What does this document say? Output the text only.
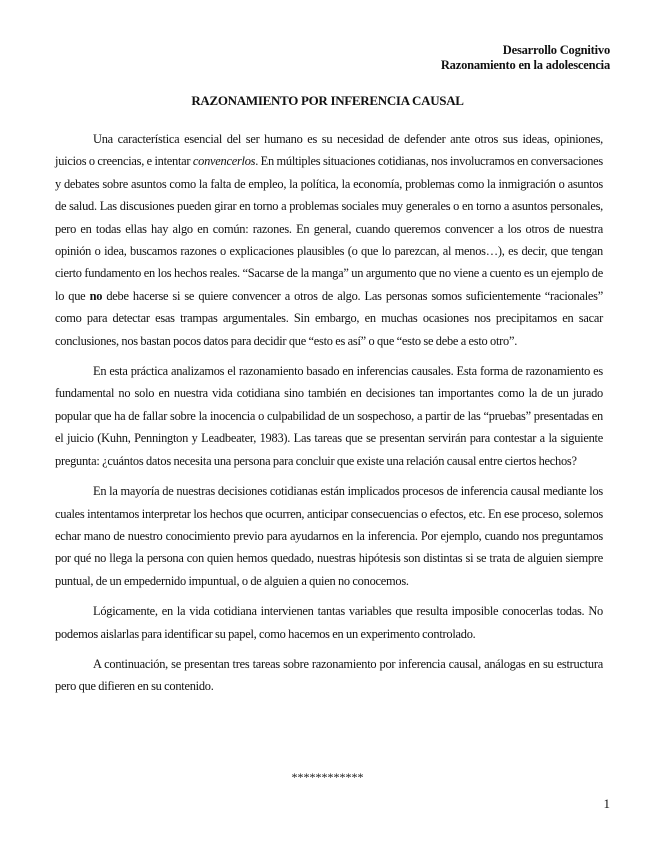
Desarrollo Cognitivo
Razonamiento en la adolescencia
RAZONAMIENTO POR INFERENCIA CAUSAL

Una característica esencial del ser humano es su necesidad de defender ante otros sus ideas, opiniones, juicios o creencias, e intentar convencerlos. En múltiples situaciones cotidianas, nos involucramos en conversaciones y debates sobre asuntos como la falta de empleo, la política, la economía, problemas como la inmigración o asuntos de salud. Las discusiones pueden girar en torno a problemas sociales muy generales o en torno a asuntos personales, pero en todas ellas hay algo en común: razones. En general, cuando queremos convencer a los otros de nuestra opinión o idea, buscamos razones o explicaciones plausibles (o que lo parezcan, al menos…), es decir, que tengan cierto fundamento en los hechos reales. “Sacarse de la manga” un argumento que no viene a cuento es un ejemplo de lo que no debe hacerse si se quiere convencer a otros de algo. Las personas somos suficientemente “racionales” como para detectar esas trampas argumentales. Sin embargo, en muchas ocasiones nos precipitamos en sacar conclusiones, nos bastan pocos datos para decidir que “esto es así” o que “esto se debe a esto otro”.

En esta práctica analizamos el razonamiento basado en inferencias causales. Esta forma de razonamiento es fundamental no solo en nuestra vida cotidiana sino también en decisiones tan importantes como la de un jurado popular que ha de fallar sobre la inocencia o culpabilidad de un sospechoso, a partir de las “pruebas” presentadas en el juicio (Kuhn, Pennington y Leadbeater, 1983). Las tareas que se presentan servirán para contestar a la siguiente pregunta: ¿cuántos datos necesita una persona para concluir que existe una relación causal entre ciertos hechos?

En la mayoría de nuestras decisiones cotidianas están implicados procesos de inferencia causal mediante los cuales intentamos interpretar los hechos que ocurren, anticipar consecuencias o efectos, etc. En ese proceso, solemos echar mano de nuestro conocimiento previo para ayudarnos en la inferencia. Por ejemplo, cuando nos preguntamos por qué no llega la persona con quien hemos quedado, nuestras hipótesis son distintas si se trata de alguien siempre puntual, de un empedernido impuntual, o de alguien a quien no conocemos.

Lógicamente, en la vida cotidiana intervienen tantas variables que resulta imposible conocerlas todas. No podemos aislarlas para identificar su papel, como hacemos en un experimento controlado.

A continuación, se presentan tres tareas sobre razonamiento por inferencia causal, análogas en su estructura pero que difieren en su contenido.

************
1
